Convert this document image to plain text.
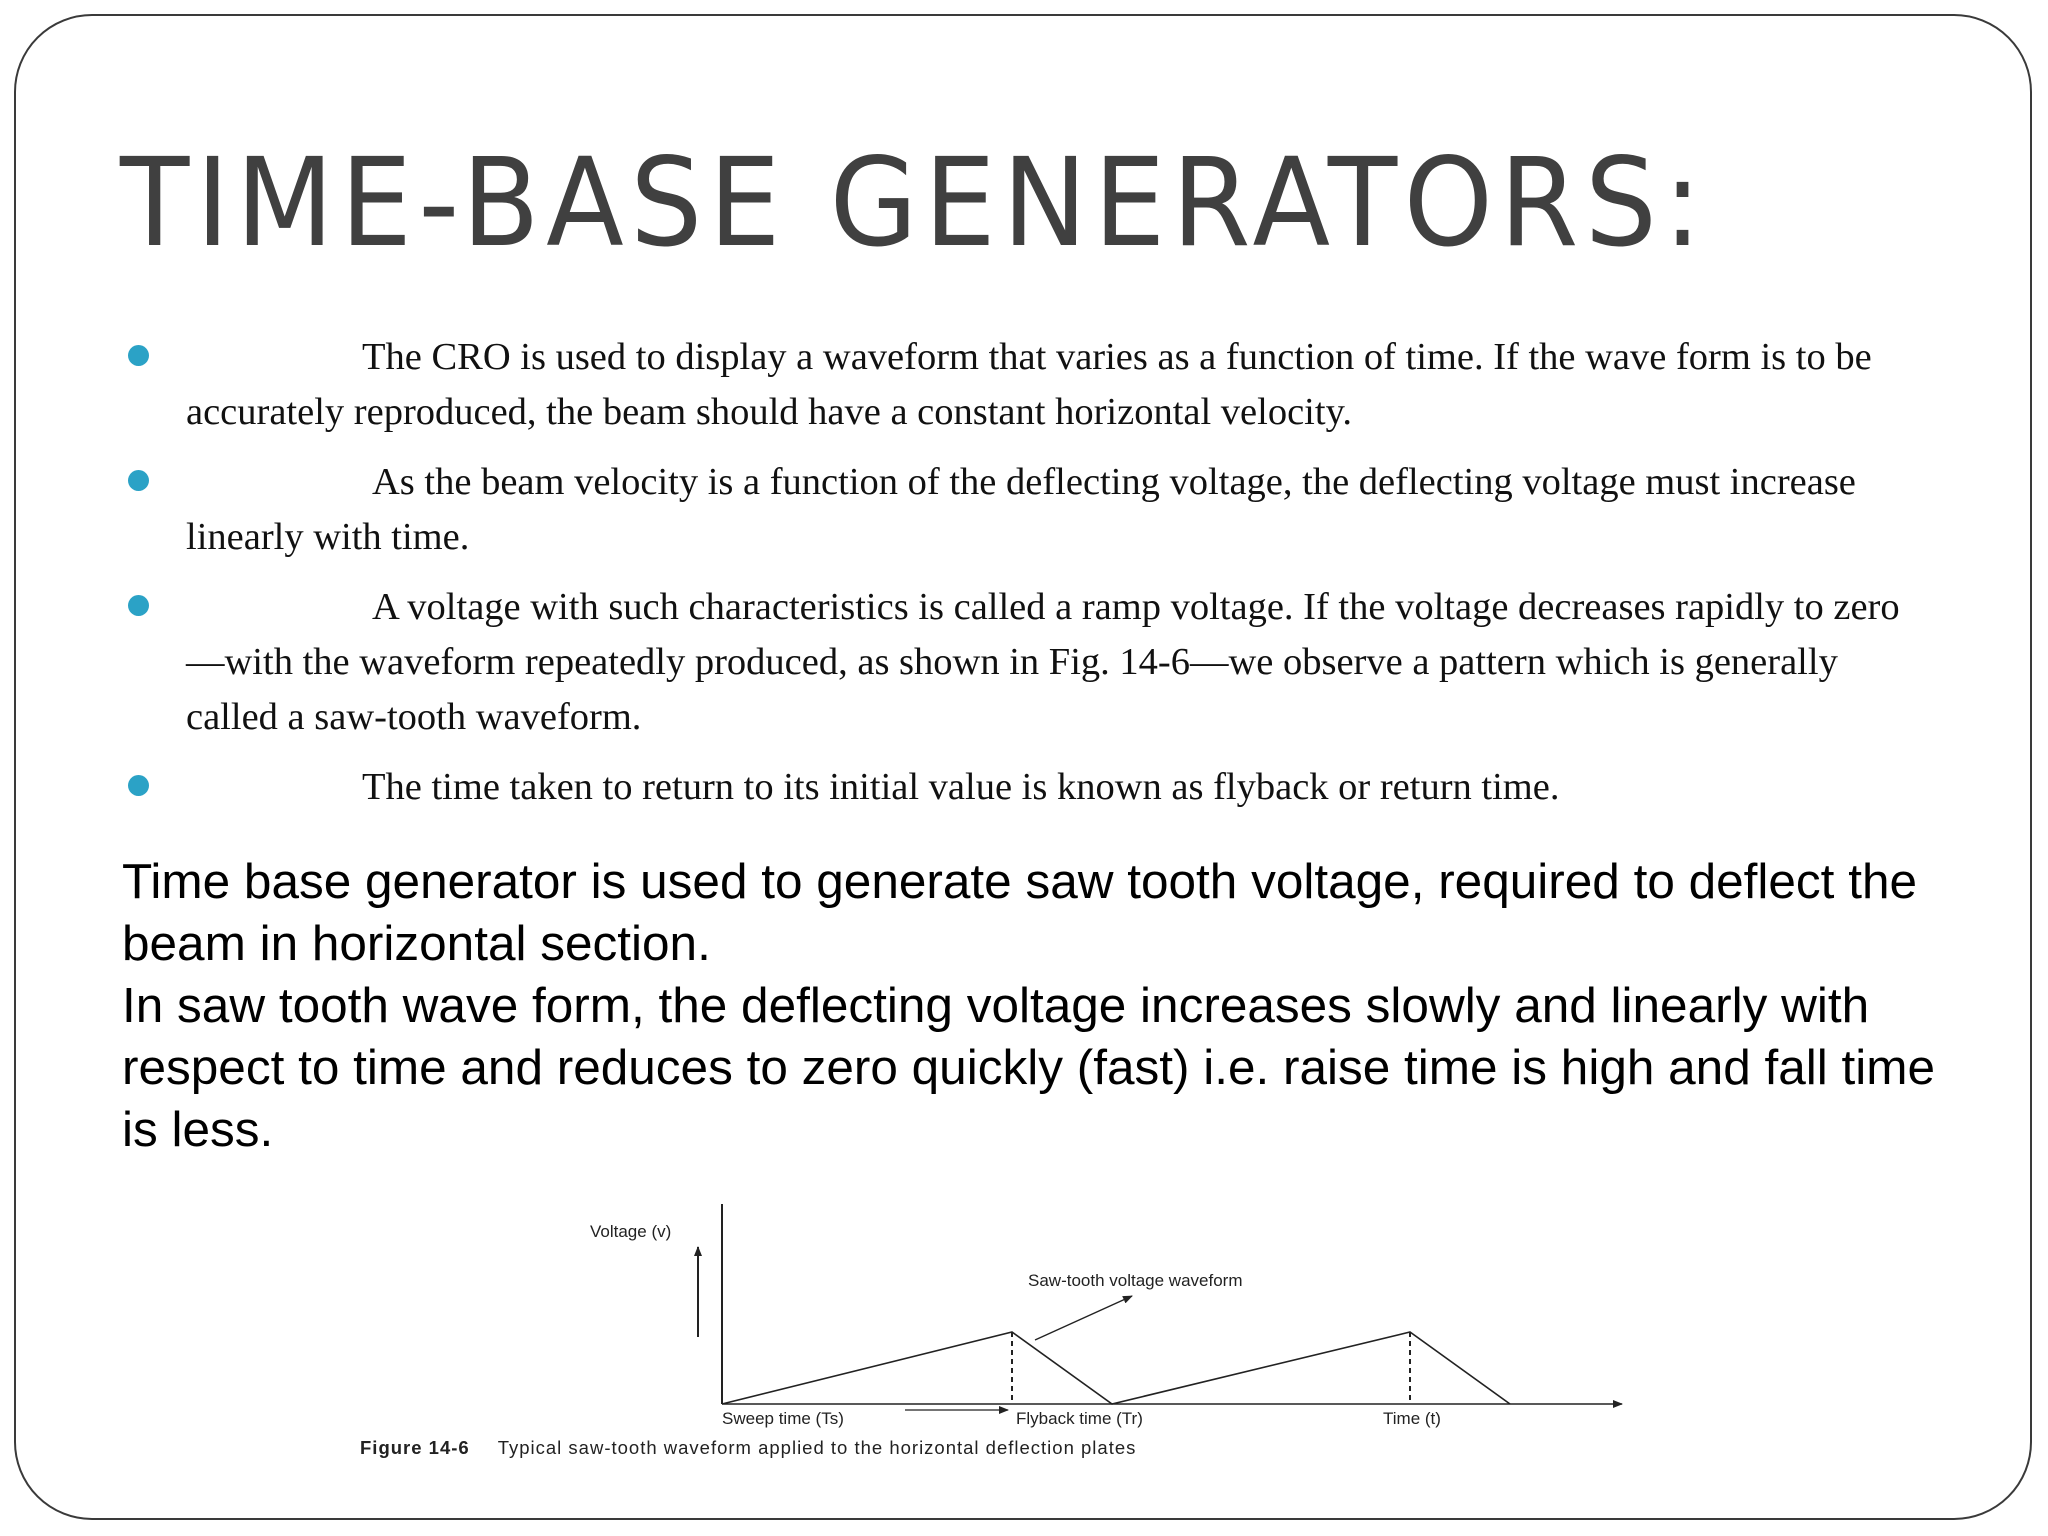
TIME-BASE GENERATORS:
The CRO is used to display a waveform that varies as a function of time. If the wave form is to be accurately reproduced, the beam should have a constant horizontal velocity.
As the beam velocity is a function of the deflecting voltage, the deflecting voltage must increase linearly with time.
A voltage with such characteristics is called a ramp voltage. If the voltage decreases rapidly to zero—with the waveform repeatedly produced, as shown in Fig. 14-6—we observe a pattern which is generally called a saw-tooth waveform.
The time taken to return to its initial value is known as flyback or return time.

Time base generator is used to generate saw tooth voltage, required to deflect the beam in horizontal section.

In saw tooth wave form, the deflecting voltage increases slowly and linearly with respect to time and reduces to zero quickly (fast) i.e. raise time is high and fall time is less.

Voltage (v)
Saw-tooth voltage waveform
Sweep time (Ts)	Flyback time (Tr)	Time (t)

Figure 14-6 Typical saw-tooth waveform applied to the horizontal deflection plates
